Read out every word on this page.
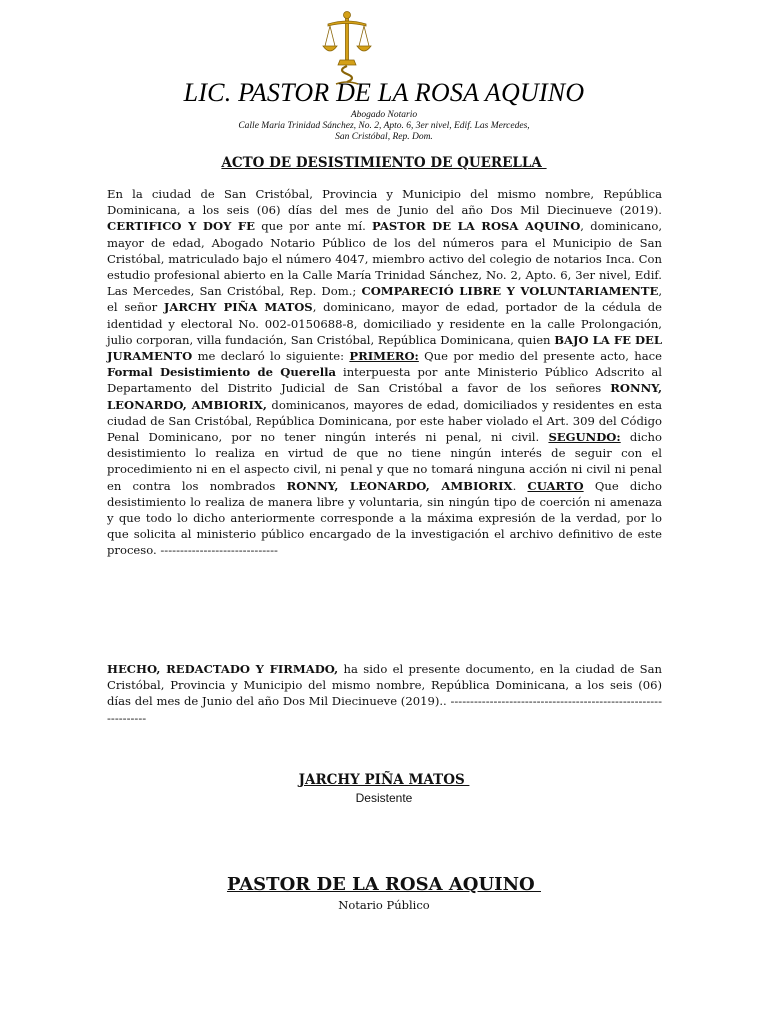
LIC. PASTOR DE LA ROSA AQUINO
Abogado Notario
Calle Maria Trinidad Sánchez, No. 2, Apto. 6, 3er nivel, Edif. Las Mercedes,
San Cristóbal, Rep. Dom.
ACTO DE DESISTIMIENTO DE QUERELLA
En la ciudad de San Cristóbal, Provincia y Municipio del mismo nombre, República Dominicana, a los seis (06) días del mes de Junio del año Dos Mil Diecinueve (2019). CERTIFICO Y DOY FE que por ante mí. PASTOR DE LA ROSA AQUINO, dominicano, mayor de edad, Abogado Notario Público de los del números para el Municipio de San Cristóbal, matriculado bajo el número 4047, miembro activo del colegio de notarios Inca. Con estudio profesional abierto en la Calle María Trinidad Sánchez, No. 2, Apto. 6, 3er nivel, Edif. Las Mercedes, San Cristóbal, Rep. Dom.; COMPARECIÓ LIBRE Y VOLUNTARIAMENTE, el señor JARCHY PIÑA MATOS, dominicano, mayor de edad, portador de la cédula de identidad y electoral No. 002-0150688-8, domiciliado y residente en la calle Prolongación, julio corporan, villa fundación, San Cristóbal, República Dominicana, quien BAJO LA FE DEL JURAMENTO me declaró lo siguiente: PRIMERO: Que por medio del presente acto, hace Formal Desistimiento de Querella interpuesta por ante Ministerio Público Adscrito al Departamento del Distrito Judicial de San Cristóbal a favor de los señores RONNY, LEONARDO, AMBIORIX, dominicanos, mayores de edad, domiciliados y residentes en esta ciudad de San Cristóbal, República Dominicana, por este haber violado el Art. 309 del Código Penal Dominicano, por no tener ningún interés ni penal, ni civil. SEGUNDO: dicho desistimiento lo realiza en virtud de que no tiene ningún interés de seguir con el procedimiento ni en el aspecto civil, ni penal y que no tomará ninguna acción ni civil ni penal en contra los nombrados RONNY, LEONARDO, AMBIORIX. CUARTO Que dicho desistimiento lo realiza de manera libre y voluntaria, sin ningún tipo de coerción ni amenaza y que todo lo dicho anteriormente corresponde a la máxima expresión de la verdad, por lo que solicita al ministerio público encargado de la investigación el archivo definitivo de este proceso. ------------------------------
HECHO, REDACTADO Y FIRMADO, ha sido el presente documento, en la ciudad de San Cristóbal, Provincia y Municipio del mismo nombre, República Dominicana, a los seis (06) días del mes de Junio del año Dos Mil Diecinueve (2019).. ----------------------------------------------------------------
JARCHY PIÑA MATOS
Desistente
PASTOR DE LA ROSA AQUINO
Notario Público
